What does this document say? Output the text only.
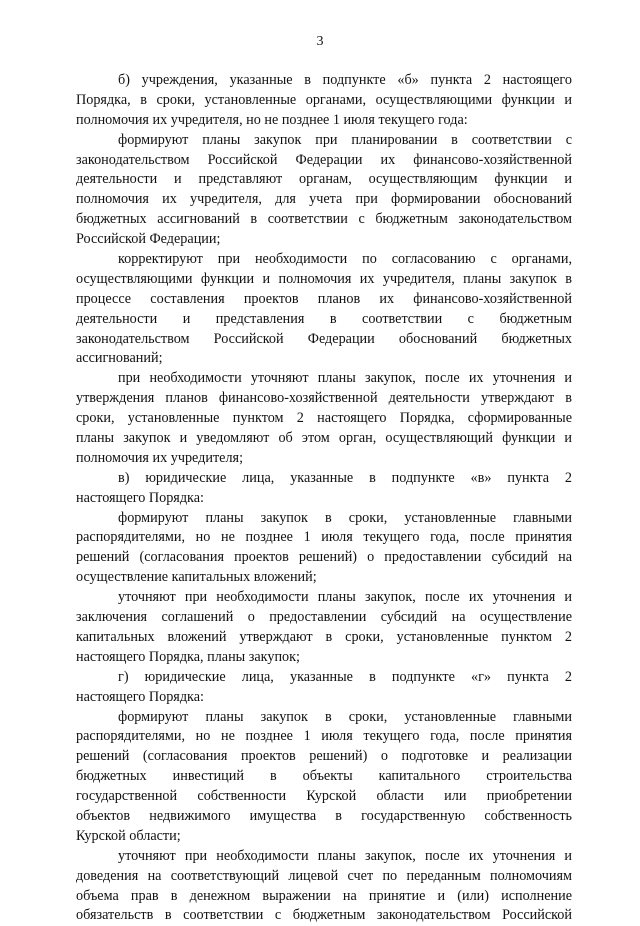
3
б) учреждения, указанные в подпункте «б» пункта 2 настоящего
Порядка, в сроки, установленные органами, осуществляющими функции и
полномочия их учредителя, но не позднее 1 июля текущего года:
формируют планы закупок при планировании в соответствии с
законодательством Российской Федерации их финансово-хозяйственной
деятельности и представляют органам, осуществляющим функции и
полномочия их учредителя, для учета при формировании обоснований
бюджетных ассигнований в соответствии с бюджетным законодательством
Российской Федерации;
корректируют при необходимости по согласованию с органами,
осуществляющими функции и полномочия их учредителя, планы закупок в
процессе составления проектов планов их финансово-хозяйственной
деятельности и представления в соответствии с бюджетным
законодательством Российской Федерации обоснований бюджетных
ассигнований;
при необходимости уточняют планы закупок, после их уточнения и
утверждения планов финансово-хозяйственной деятельности утверждают в
сроки, установленные пунктом 2 настоящего Порядка, сформированные
планы закупок и уведомляют об этом орган, осуществляющий функции и
полномочия их учредителя;
в) юридические лица, указанные в подпункте «в» пункта 2
настоящего Порядка:
формируют планы закупок в сроки, установленные главными
распорядителями, но не позднее 1 июля текущего года, после принятия
решений (согласования проектов решений) о предоставлении субсидий на
осуществление капитальных вложений;
уточняют при необходимости планы закупок, после их уточнения и
заключения соглашений о предоставлении субсидий на осуществление
капитальных вложений утверждают в сроки, установленные пунктом 2
настоящего Порядка, планы закупок;
г) юридические лица, указанные в подпункте «г» пункта 2
настоящего Порядка:
формируют планы закупок в сроки, установленные главными
распорядителями, но не позднее 1 июля текущего года, после принятия
решений (согласования проектов решений) о подготовке и реализации
бюджетных инвестиций в объекты капитального строительства
государственной собственности Курской области или приобретении
объектов недвижимого имущества в государственную собственность
Курской области;
уточняют при необходимости планы закупок, после их уточнения и
доведения на соответствующий лицевой счет по переданным полномочиям
объема прав в денежном выражении на принятие и (или) исполнение
обязательств в соответствии с бюджетным законодательством Российской
